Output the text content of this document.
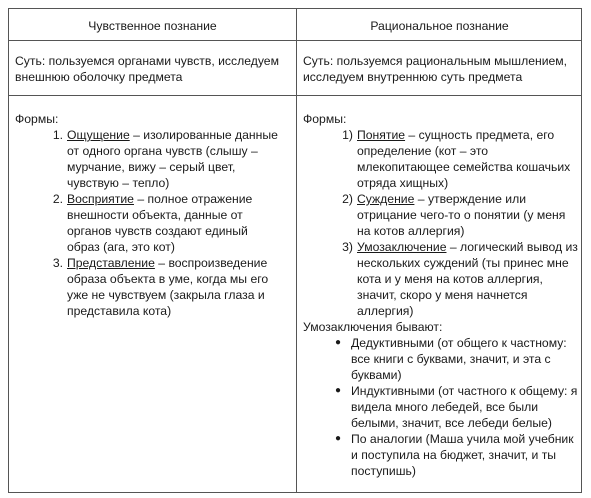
Чувственное познание	Рациональное познание
Суть: пользуемся органами чувств, исследуем внешнюю оболочку предмета
Суть: пользуемся рациональным мышлением, исследуем внутреннюю суть предмета
Формы:
1. Ощущение – изолированные данные от одного органа чувств (слышу – мурчание, вижу – серый цвет, чувствую – тепло)
2. Восприятие – полное отражение внешности объекта, данные от органов чувств создают единый образ (ага, это кот)
3. Представление – воспроизведение образа объекта в уме, когда мы его уже не чувствуем (закрыла глаза и представила кота)
Формы:
1) Понятие – сущность предмета, его определение (кот – это млекопитающее семейства кошачьих отряда хищных)
2) Суждение – утверждение или отрицание чего-то о понятии (у меня на котов аллергия)
3) Умозаключение – логический вывод из нескольких суждений (ты принес мне кота и у меня на котов аллергия, значит, скоро у меня начнется аллергия)
Умозаключения бывают:
● Дедуктивными (от общего к частному: все книги с буквами, значит, и эта с буквами)
● Индуктивными (от частного к общему: я видела много лебедей, все были белыми, значит, все лебеди белые)
● По аналогии (Маша учила мой учебник и поступила на бюджет, значит, и ты поступишь)
